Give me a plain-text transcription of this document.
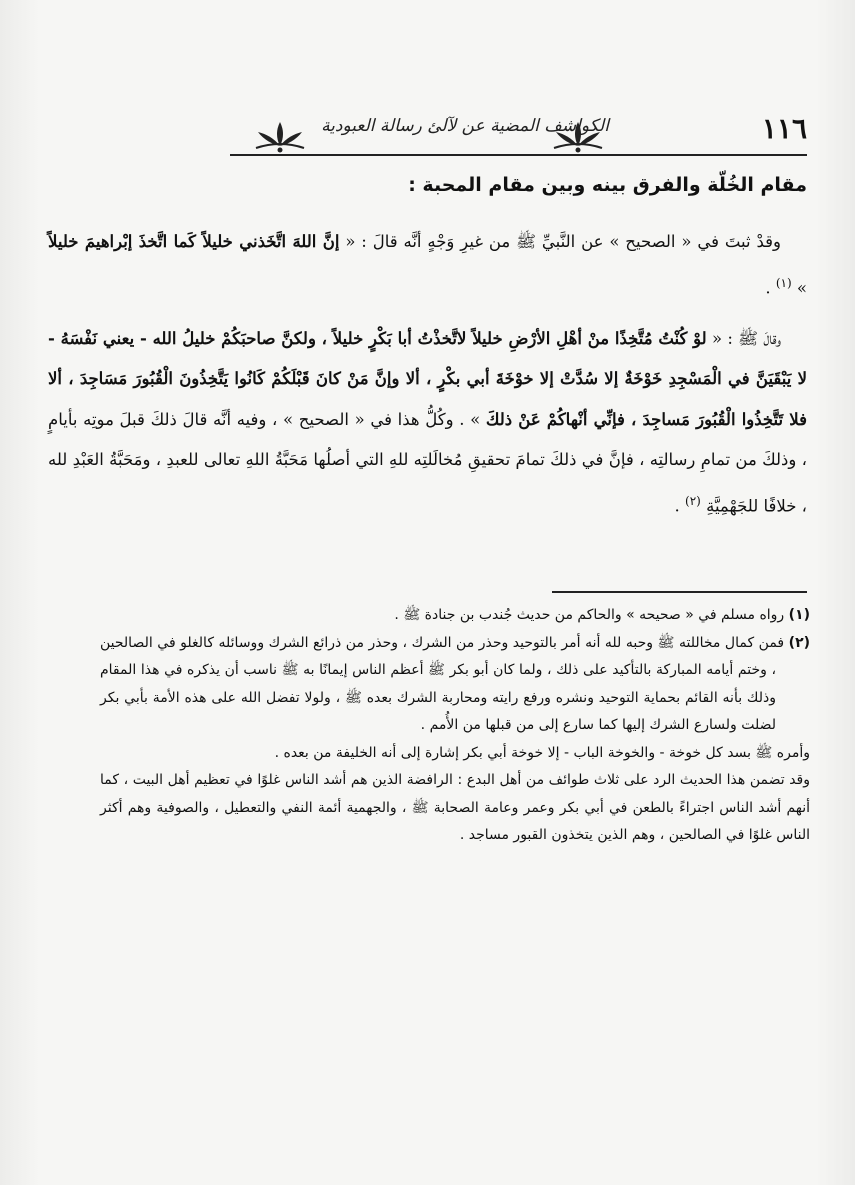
١١٦
الكواشف المضية عن لآلئ رسالة العبودية
مقام الخُلّة والفرق بينه وبين مقام المحبة :

وقدْ ثبتَ في « الصحيح » عن النَّبيِّ ﷺ من غيرِ وَجْهٍ أنَّه قالَ : « إنَّ اللهَ اتَّخَذني خليلاً كَما اتَّخذَ إبْراهيمَ خليلاً » $^{(١)}$ .

وقالَ ﷺ : « لوْ كُنْتُ مُتَّخِذًا منْ أهْلِ الأرْضِ خليلاً لاتَّخذْتُ أبا بَكْرٍ خليلاً ، ولكنَّ صاحبَكُمْ خليلُ الله - يعني نَفْسَهُ - لا يَبْقَيَنَّ في الْمَسْجِدِ خَوْخَةٌ إلا سُدَّتْ إلا خوْخَةَ أبي بكْرٍ ، ألا وإنَّ مَنْ كانَ قَبْلَكُمْ كَانُوا يَتَّخِذُونَ الْقُبُورَ مَسَاجِدَ ، ألا فلا تَتَّخِذُوا الْقُبُورَ مَساجِدَ ، فإنِّي أنْهاكُمْ عَنْ ذلكَ » . وكُلُّ هذا في « الصحيح » ، وفيه أنَّه قالَ ذلكَ قبلَ موتِه بأيامٍ ، وذلكَ من تمامِ رسالتِه ، فإنَّ في ذلكَ تمامَ تحقيقِ مُخالَلتِه للهِ التي أصلُها مَحَبَّةُ اللهِ تعالى للعبدِ ، ومَحَبَّةُ العَبْدِ لله ، خلافًا للجَهْمِيَّةِ $^{(٢)}$ .

(١) رواه مسلم في « صحيحه » والحاكم من حديث جُندب بن جنادة ﷺ .

(٢) فمن كمال مخاللته ﷺ وحبه لله أنه أمر بالتوحيد وحذر من الشرك ، وحذر من ذرائع الشرك ووسائله كالغلو في الصالحين ، وختم أيامه المباركة بالتأكيد على ذلك ، ولما كان أبو بكر ﷺ أعظم الناس إيمانًا به ﷺ ناسب أن يذكره في هذا المقام وذلك بأنه القائم بحماية التوحيد ونشره ورفع رايته ومحاربة الشرك بعده ﷺ ، ولولا تفضل الله على هذه الأمة بأبي بكر لضلت ولسارع الشرك إليها كما سارع إلى من قبلها من الأُمم .

وأمره ﷺ بسد كل خوخة - والخوخة الباب - إلا خوخة أبي بكر إشارة إلى أنه الخليفة من بعده .

وقد تضمن هذا الحديث الرد على ثلاث طوائف من أهل البدع : الرافضة الذين هم أشد الناس غلوًا في تعظيم أهل البيت ، كما أنهم أشد الناس اجتراءً بالطعن في أبي بكر وعمر وعامة الصحابة ﷺ ، والجهمية أئمة النفي والتعطيل ، والصوفية وهم أكثر الناس غلوًا في الصالحين ، وهم الذين يتخذون القبور مساجد .
